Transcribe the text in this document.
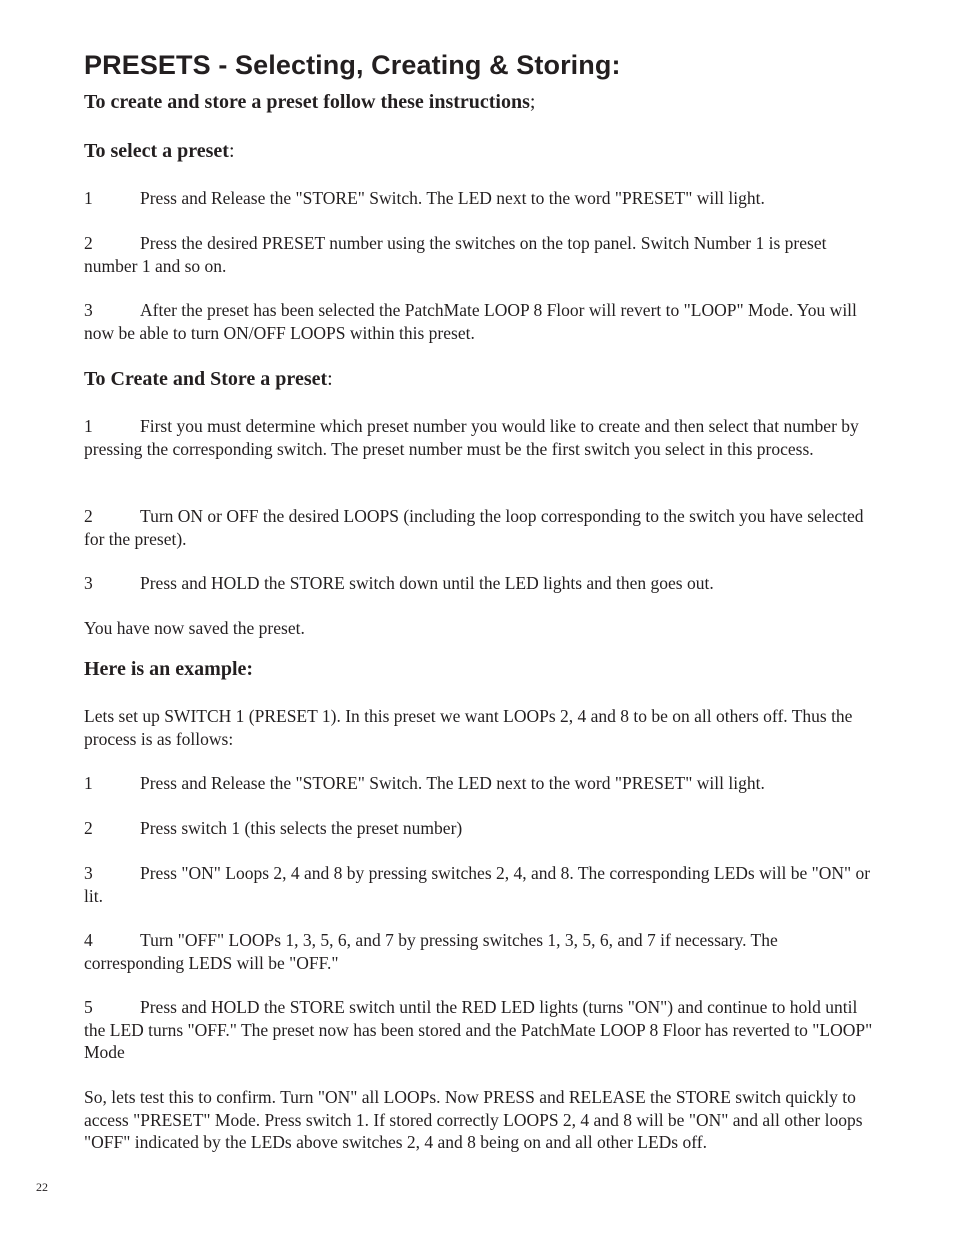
PRESETS - Selecting, Creating & Storing:
To create and store a preset follow these instructions;
To select a preset:

1	Press and Release the "STORE" Switch. The LED next to the word "PRESET" will light.

2	Press the desired PRESET number using the switches on the top panel. Switch Number 1 is preset number 1 and so on.

3	After the preset has been selected the PatchMate LOOP 8 Floor will revert to "LOOP" Mode. You will now be able to turn ON/OFF LOOPS within this preset.

To Create and Store a preset:

1	First you must determine which preset number you would like to create and then select that number by pressing the corresponding switch. The preset number must be the first switch you select in this process.

2	Turn ON or OFF the desired LOOPS (including the loop corresponding to the switch you have selected for the preset).

3	Press and HOLD the STORE switch down until the LED lights and then goes out.

You have now saved the preset.

Here is an example:

Lets set up SWITCH 1 (PRESET 1). In this preset we want LOOPs 2, 4 and 8 to be on all others off. Thus the process is as follows:

1	Press and Release the "STORE" Switch. The LED next to the word "PRESET" will light.

2	Press switch 1 (this selects the preset number)

3	Press "ON" Loops 2, 4 and 8 by pressing switches 2, 4, and 8. The corresponding LEDs will be "ON" or lit.

4	Turn "OFF" LOOPs 1, 3, 5, 6, and 7 by pressing switches 1, 3, 5, 6, and 7 if necessary. The corresponding LEDS will be "OFF."

5	Press and HOLD the STORE switch until the RED LED lights (turns "ON") and continue to hold until the LED turns "OFF." The preset now has been stored and the PatchMate LOOP 8 Floor has reverted to "LOOP" Mode

So, lets test this to confirm. Turn "ON" all LOOPs. Now PRESS and RELEASE the STORE switch quickly to access "PRESET" Mode. Press switch 1. If stored correctly LOOPS 2, 4 and 8 will be "ON" and all other loops "OFF" indicated by the LEDs above switches 2, 4 and 8 being on and all other LEDs off.

22
